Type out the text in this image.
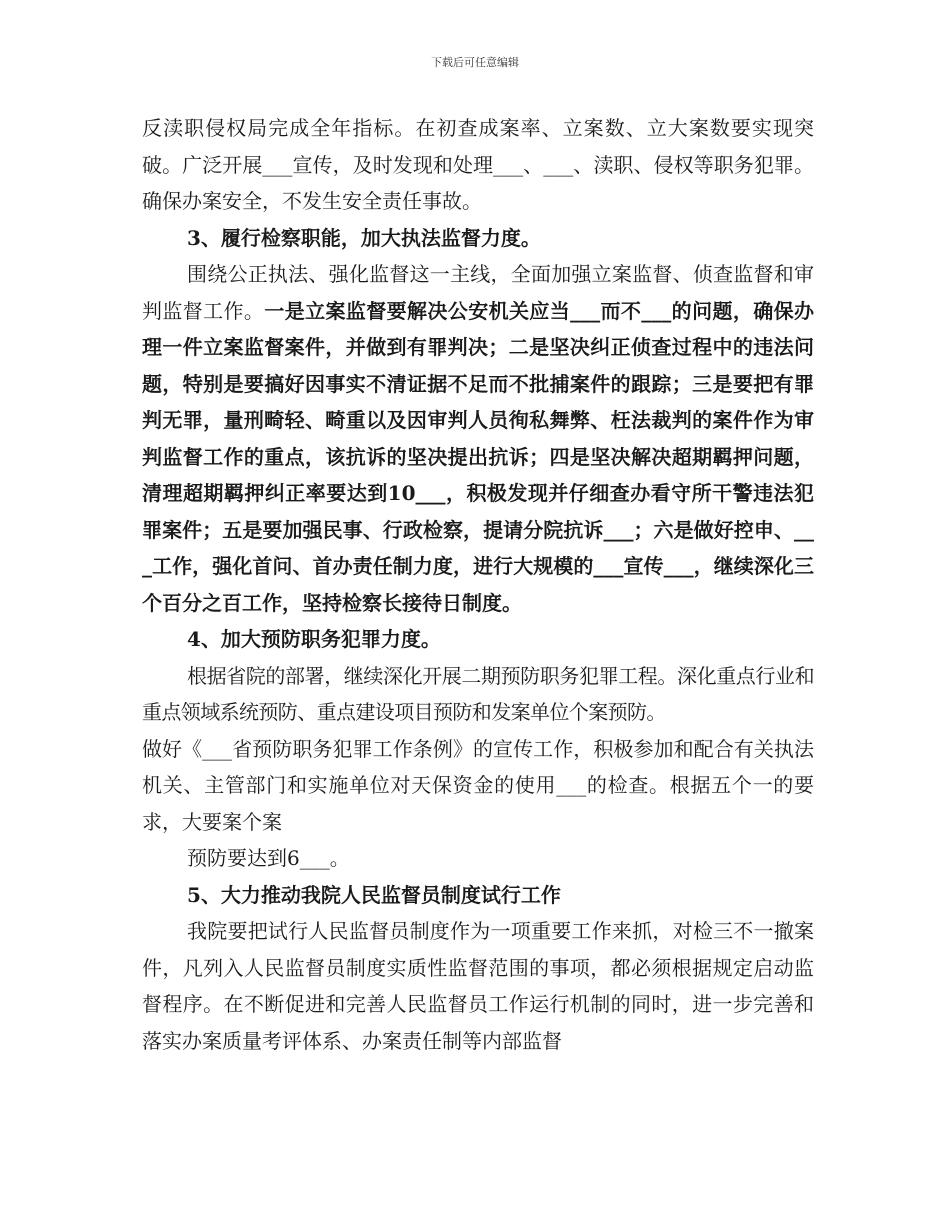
下载后可任意编辑

反渎职侵权局完成全年指标。在初查成案率、立案数、立大案数要实现突破。广泛开展___宣传，及时发现和处理___、___、渎职、侵权等职务犯罪。确保办案安全，不发生安全责任事故。

3、履行检察职能，加大执法监督力度。

围绕公正执法、强化监督这一主线，全面加强立案监督、侦查监督和审判监督工作。一是立案监督要解决公安机关应当___而不___的问题，确保办理一件立案监督案件，并做到有罪判决；二是坚决纠正侦查过程中的违法问题，特别是要搞好因事实不清证据不足而不批捕案件的跟踪；三是要把有罪判无罪，量刑畸轻、畸重以及因审判人员徇私舞弊、枉法裁判的案件作为审判监督工作的重点，该抗诉的坚决提出抗诉；四是坚决解决超期羁押问题，清理超期羁押纠正率要达到10___，积极发现并仔细查办看守所干警违法犯罪案件；五是要加强民事、行政检察，提请分院抗诉___；六是做好控申、___工作，强化首问、首办责任制力度，进行大规模的___宣传___，继续深化三个百分之百工作，坚持检察长接待日制度。

4、加大预防职务犯罪力度。

根据省院的部署，继续深化开展二期预防职务犯罪工程。深化重点行业和重点领域系统预防、重点建设项目预防和发案单位个案预防。

做好《___省预防职务犯罪工作条例》的宣传工作，积极参加和配合有关执法机关、主管部门和实施单位对天保资金的使用___的检查。根据五个一的要求，大要案个案

预防要达到6___。

5、大力推动我院人民监督员制度试行工作

我院要把试行人民监督员制度作为一项重要工作来抓，对检三不一撤案件，凡列入人民监督员制度实质性监督范围的事项，都必须根据规定启动监督程序。在不断促进和完善人民监督员工作运行机制的同时，进一步完善和落实办案质量考评体系、办案责任制等内部监督
